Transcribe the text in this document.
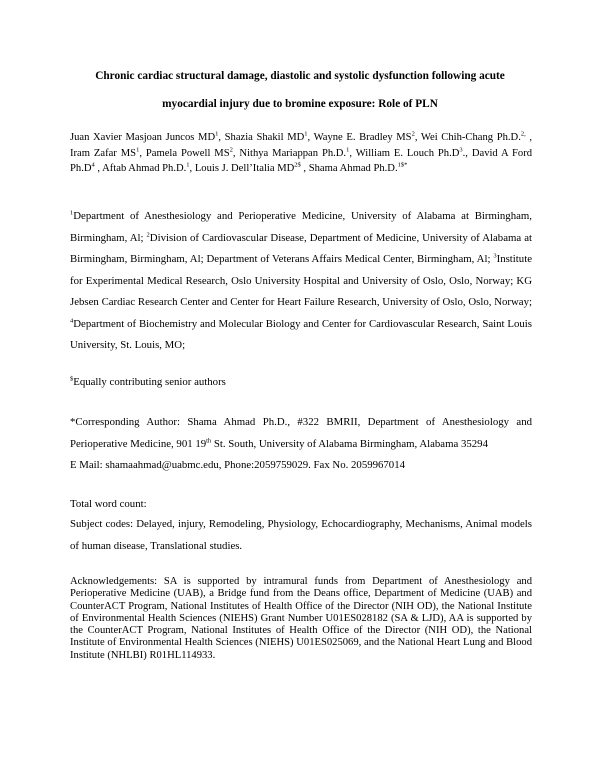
Chronic cardiac structural damage, diastolic and systolic dysfunction following acute
myocardial injury due to bromine exposure: Role of PLN
Juan Xavier Masjoan Juncos $MD^1$, Shazia Shakil $MD^1$, Wayne E. Bradley $MS^2$, Wei Chih-Chang Ph.D.$^{2,}$ , Iram Zafar $MS^1$, Pamela Powell $MS^2$, Nithya Mariappan Ph.D.$^1$, William E. Louch $Ph.D^3$., David A Ford $Ph.D^4$ , Aftab Ahmad Ph.D.$^1$, Louis J. Dell’Italia $MD^{2\$}$ , Shama Ahmad Ph.D.$^{1\$*}$
$^1$Department of Anesthesiology and Perioperative Medicine, University of Alabama at Birmingham, Birmingham, Al; $^2$Division of Cardiovascular Disease, Department of Medicine, University of Alabama at Birmingham, Birmingham, Al; Department of Veterans Affairs Medical Center, Birmingham, Al; $^3$Institute for Experimental Medical Research, Oslo University Hospital and University of Oslo, Oslo, Norway; KG Jebsen Cardiac Research Center and Center for Heart Failure Research, University of Oslo, Oslo, Norway; $^4$Department of Biochemistry and Molecular Biology and Center for Cardiovascular Research, Saint Louis University, St. Louis, MO;
$Equally contributing senior authors
*Corresponding Author: Shama Ahmad Ph.D., #322 BMRII, Department of Anesthesiology and Perioperative Medicine, 901 19th St. South, University of Alabama Birmingham, Alabama 35294
E Mail: shamaahmad@uabmc.edu, Phone:2059759029. Fax No. 2059967014
Total word count:
Subject codes: Delayed, injury, Remodeling, Physiology, Echocardiography, Mechanisms, Animal models of human disease, Translational studies.
Acknowledgements: SA is supported by intramural funds from Department of Anesthesiology and Perioperative Medicine (UAB), a Bridge fund from the Deans office, Department of Medicine (UAB) and CounterACT Program, National Institutes of Health Office of the Director (NIH OD), the National Institute of Environmental Health Sciences (NIEHS) Grant Number U01ES028182 (SA & LJD), AA is supported by the CounterACT Program, National Institutes of Health Office of the Director (NIH OD), the National Institute of Environmental Health Sciences (NIEHS) U01ES025069, and the National Heart Lung and Blood Institute (NHLBI) R01HL114933.
